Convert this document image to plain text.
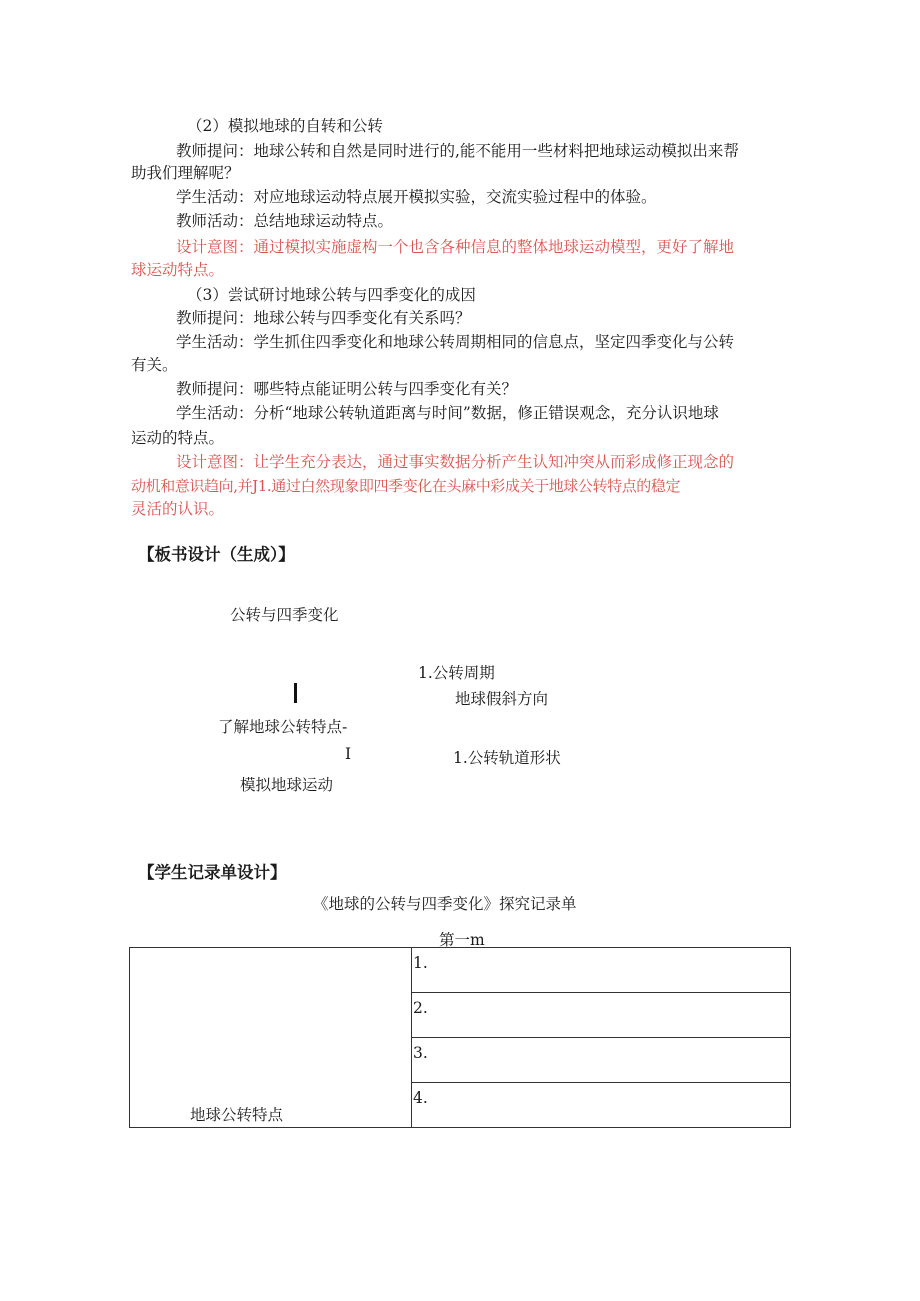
（2）模拟地球的自转和公转
教师提问：地球公转和自然是同时进行的,能不能用一些材料把地球运动模拟出来帮
助我们理解呢？
学生活动：对应地球运动特点展开模拟实验，交流实验过程中的体验。
教师活动：总结地球运动特点。
设计意图：通过模拟实施虚构一个也含各种信息的整体地球运动模型，更好了解地
球运动特点。
（3）尝试研讨地球公转与四季变化的成因
教师提问：地球公转与四季变化有关系吗？
学生活动：学生抓住四季变化和地球公转周期相同的信息点，坚定四季变化与公转
有关。
教师提问：哪些特点能证明公转与四季变化有关？
学生活动：分析“地球公转轨道距离与时间”数据，修正错误观念，充分认识地球
运动的特点。
设计意图：让学生充分表达，通过事实数据分析产生认知冲突从而彩成修正现念的
动机和意识趋向,并J1.通过白然现象即四季变化在头麻中彩成关于地球公转特点的稳定
灵活的认识。
【板书设计（生成）】
公转与四季变化
1.公转周期
地球假斜方向
了解地球公转特点-
I	1.公转轨道形状
模拟地球运动
【学生记录单设计】
《地球的公转与四季变化》探究记录单
第一m
地球公转特点	1.
2.
3.
4.
